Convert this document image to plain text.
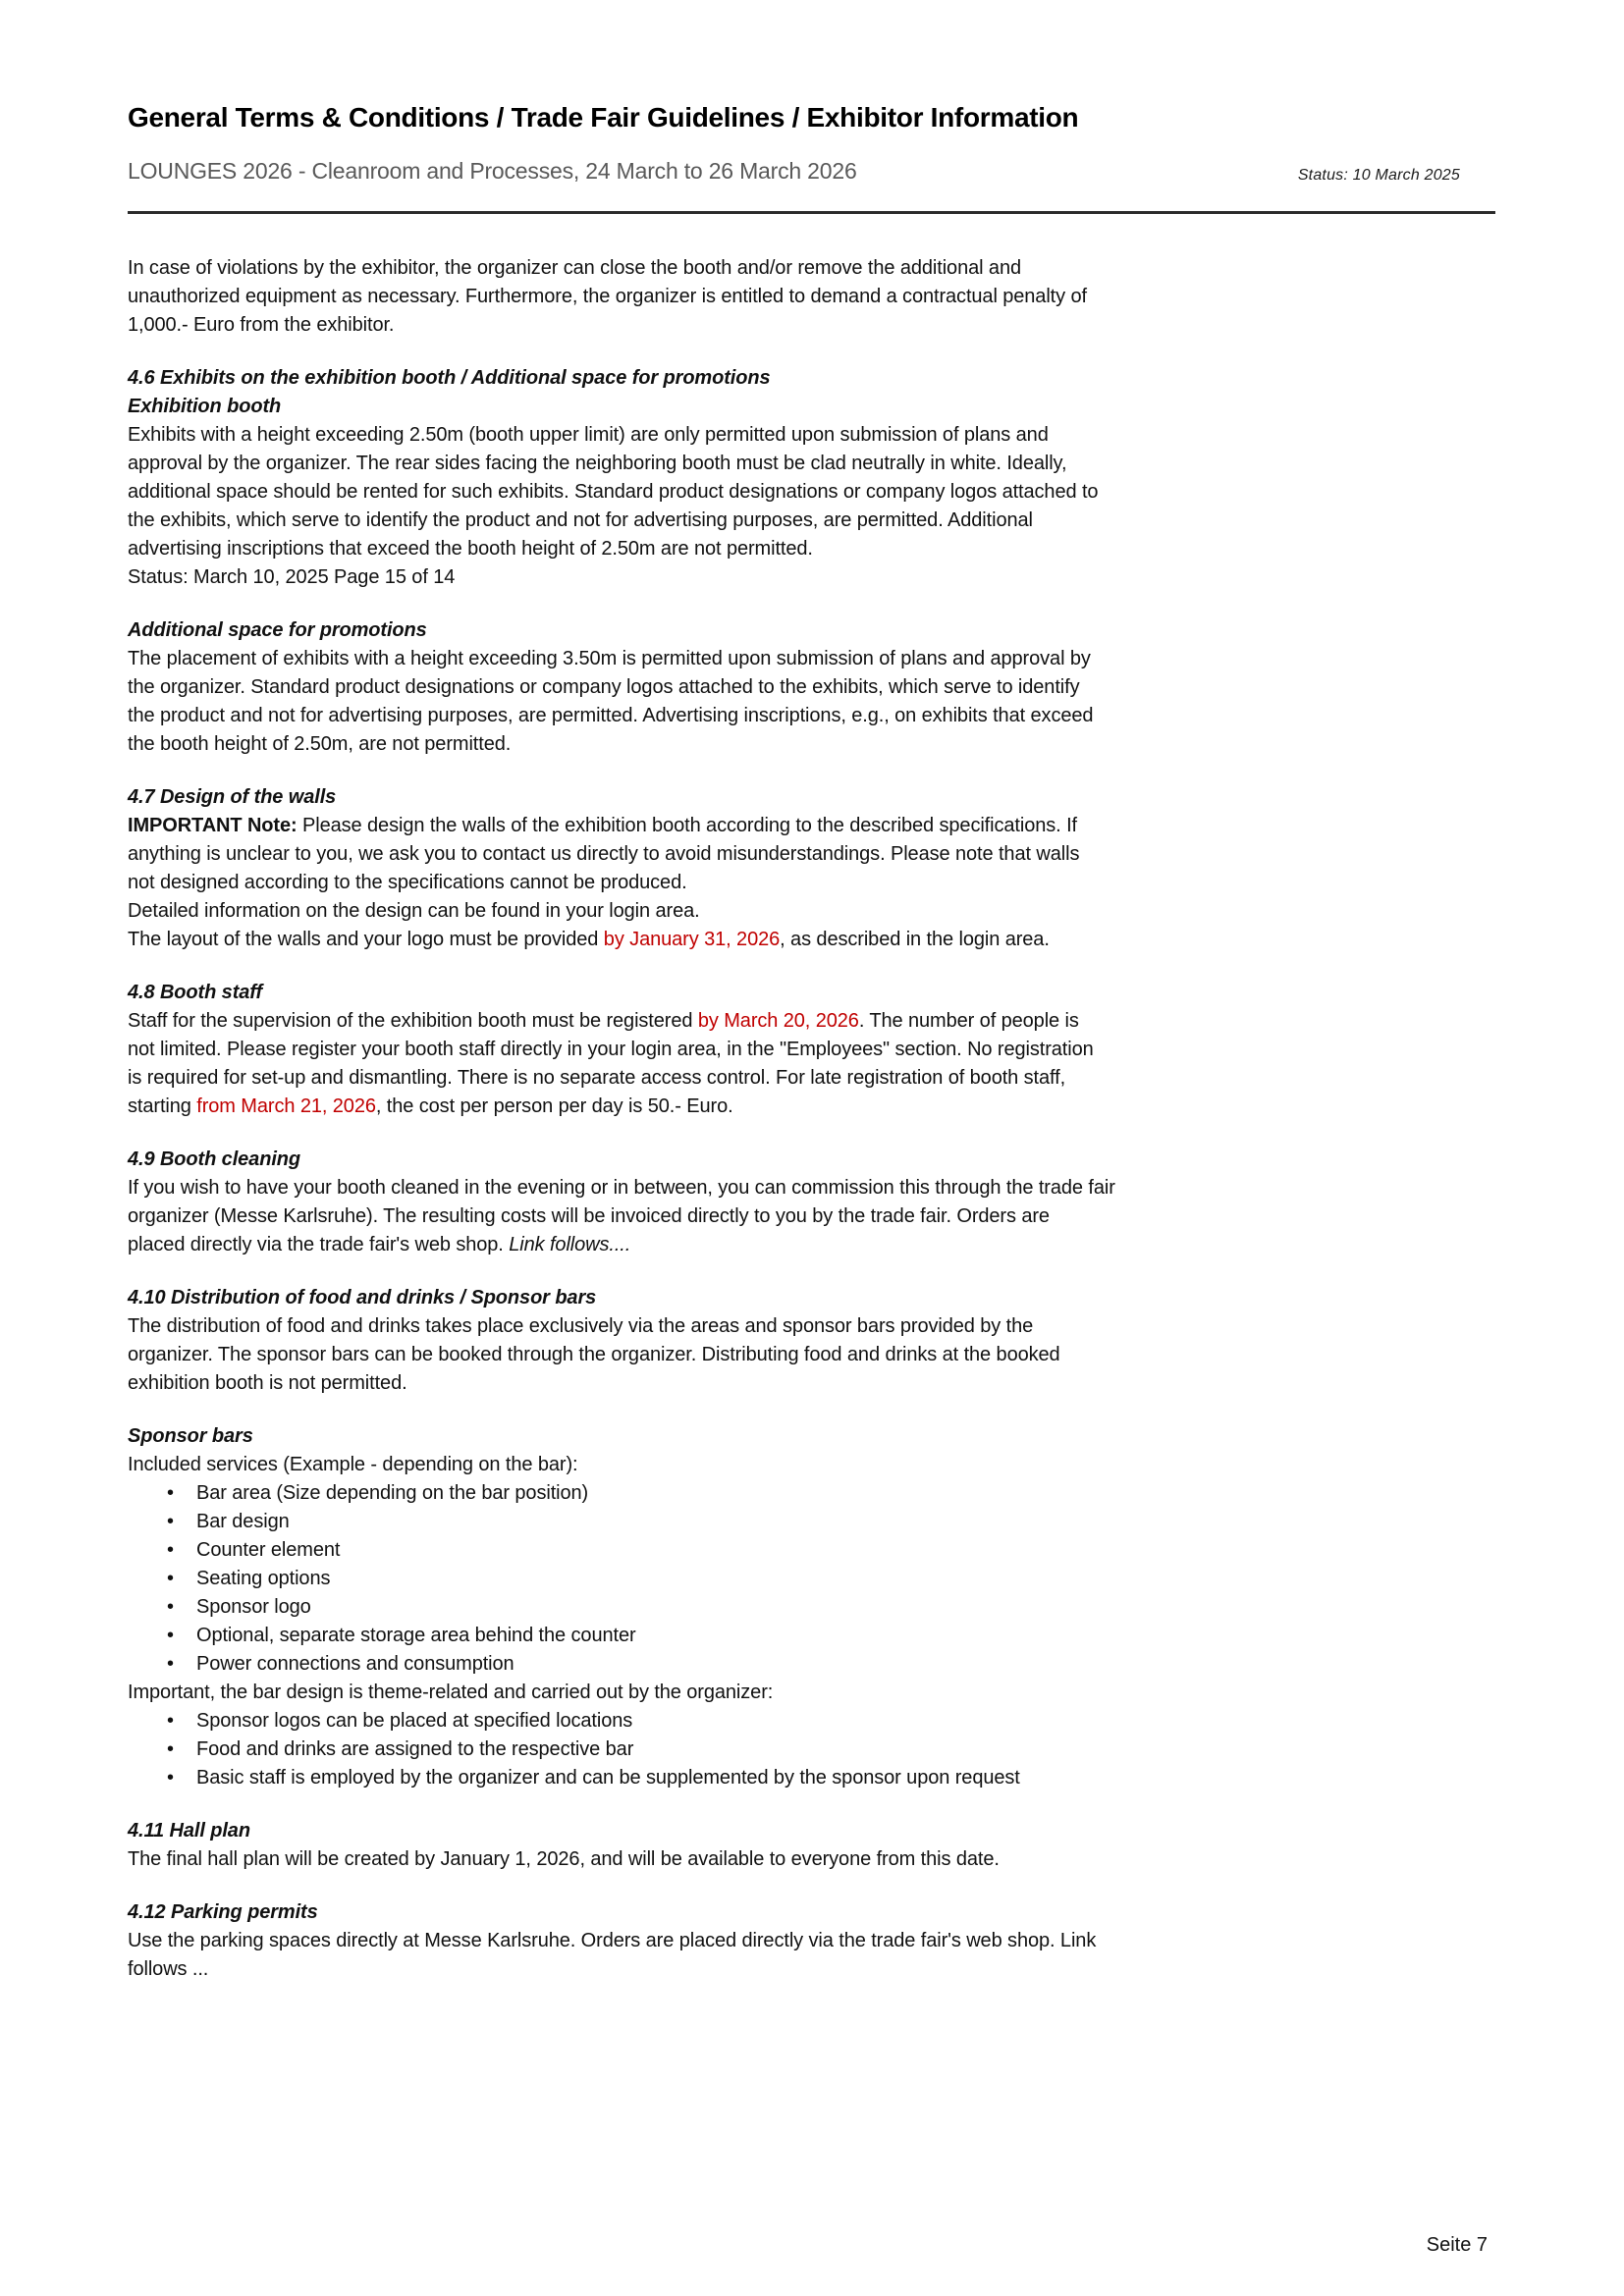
General Terms & Conditions / Trade Fair Guidelines / Exhibitor Information
LOUNGES 2026 - Cleanroom and Processes, 24 March to 26 March 2026	Status: 10 March 2025
In case of violations by the exhibitor, the organizer can close the booth and/or remove the additional and
unauthorized equipment as necessary. Furthermore, the organizer is entitled to demand a contractual penalty of
1,000.- Euro from the exhibitor.
4.6 Exhibits on the exhibition booth / Additional space for promotions
Exhibition booth
Exhibits with a height exceeding 2.50m (booth upper limit) are only permitted upon submission of plans and
approval by the organizer. The rear sides facing the neighboring booth must be clad neutrally in white. Ideally,
additional space should be rented for such exhibits. Standard product designations or company logos attached to
the exhibits, which serve to identify the product and not for advertising purposes, are permitted. Additional
advertising inscriptions that exceed the booth height of 2.50m are not permitted.
Status: March 10, 2025 Page 15 of 14
Additional space for promotions
The placement of exhibits with a height exceeding 3.50m is permitted upon submission of plans and approval by
the organizer. Standard product designations or company logos attached to the exhibits, which serve to identify
the product and not for advertising purposes, are permitted. Advertising inscriptions, e.g., on exhibits that exceed
the booth height of 2.50m, are not permitted.
4.7 Design of the walls
IMPORTANT Note: Please design the walls of the exhibition booth according to the described specifications. If
anything is unclear to you, we ask you to contact us directly to avoid misunderstandings. Please note that walls
not designed according to the specifications cannot be produced.
Detailed information on the design can be found in your login area.
The layout of the walls and your logo must be provided by January 31, 2026, as described in the login area.
4.8 Booth staff
Staff for the supervision of the exhibition booth must be registered by March 20, 2026. The number of people is
not limited. Please register your booth staff directly in your login area, in the "Employees" section. No registration
is required for set-up and dismantling. There is no separate access control. For late registration of booth staff,
starting from March 21, 2026, the cost per person per day is 50.- Euro.
4.9 Booth cleaning
If you wish to have your booth cleaned in the evening or in between, you can commission this through the trade fair
organizer (Messe Karlsruhe). The resulting costs will be invoiced directly to you by the trade fair. Orders are
placed directly via the trade fair's web shop. Link follows....
4.10 Distribution of food and drinks / Sponsor bars
The distribution of food and drinks takes place exclusively via the areas and sponsor bars provided by the
organizer. The sponsor bars can be booked through the organizer. Distributing food and drinks at the booked
exhibition booth is not permitted.
Sponsor bars
Included services (Example - depending on the bar):
• Bar area (Size depending on the bar position)
• Bar design
• Counter element
• Seating options
• Sponsor logo
• Optional, separate storage area behind the counter
• Power connections and consumption
Important, the bar design is theme-related and carried out by the organizer:
• Sponsor logos can be placed at specified locations
• Food and drinks are assigned to the respective bar
• Basic staff is employed by the organizer and can be supplemented by the sponsor upon request
4.11 Hall plan
The final hall plan will be created by January 1, 2026, and will be available to everyone from this date.
4.12 Parking permits
Use the parking spaces directly at Messe Karlsruhe. Orders are placed directly via the trade fair's web shop. Link
follows ...
Seite 7
